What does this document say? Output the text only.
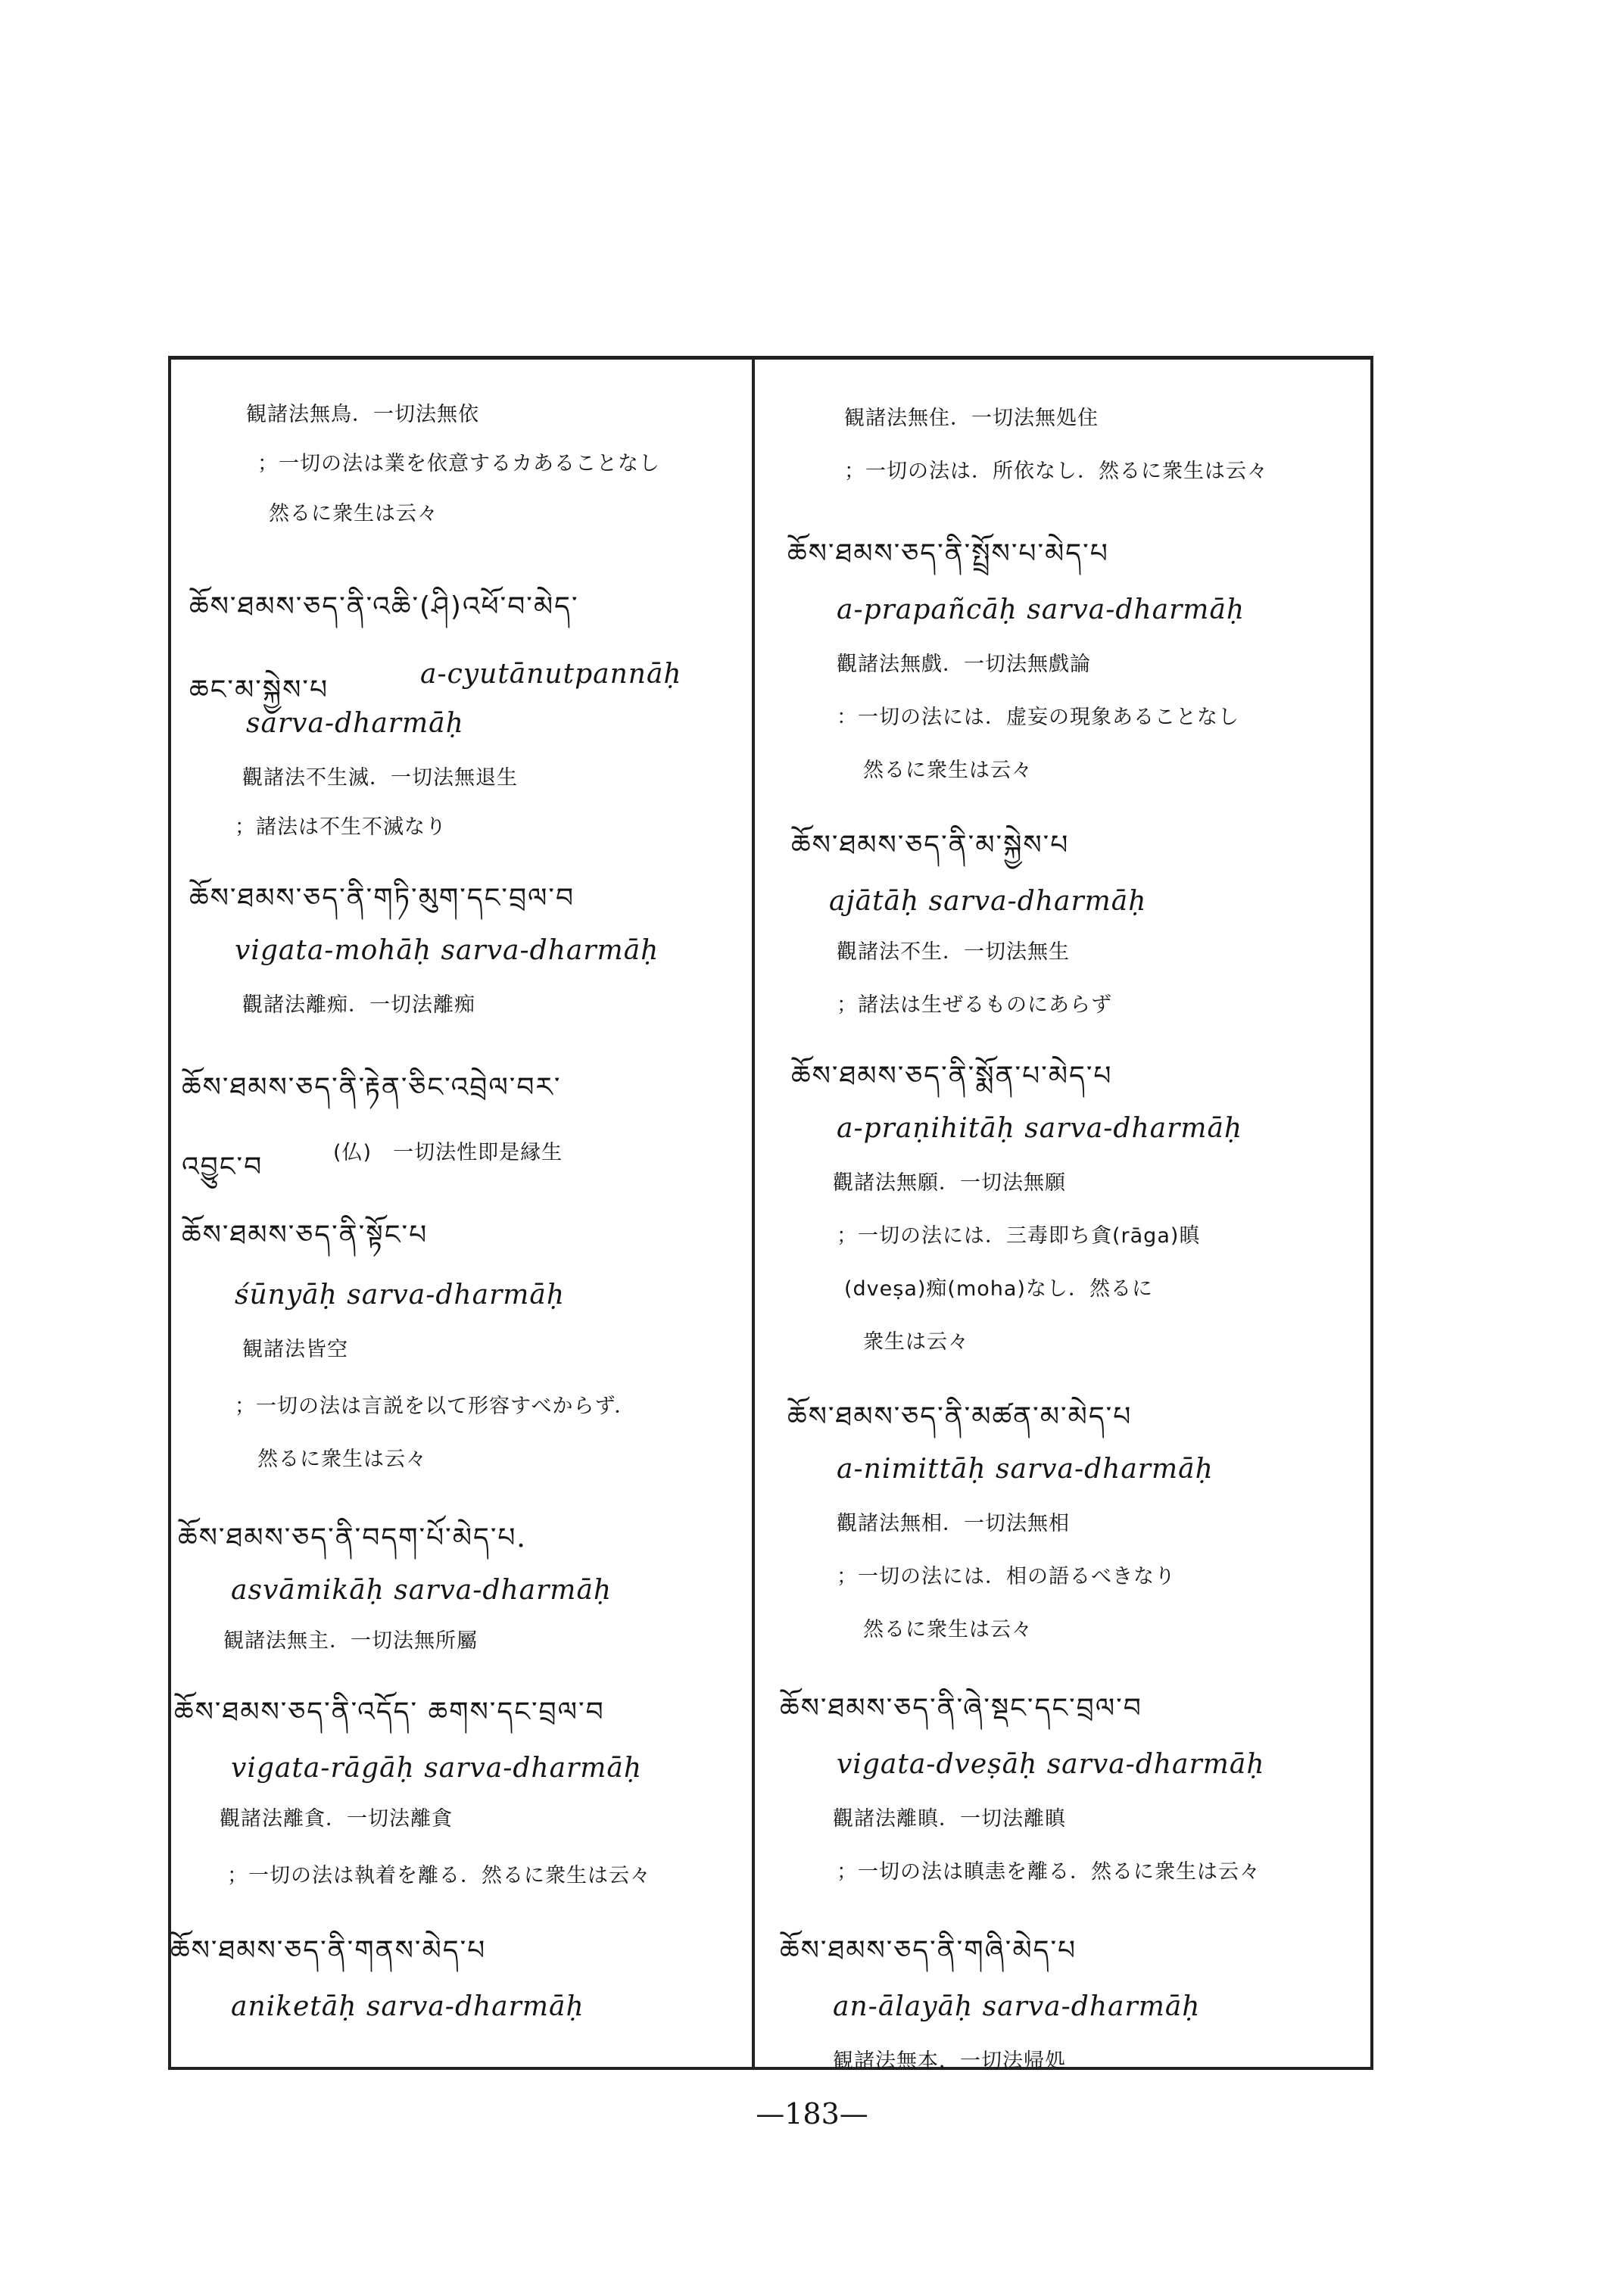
観諸法無鳥．一切法無依
；一切の法は業を依意するカあることなし
然るに衆生は云々
ཆོས་ཐམས་ཅད་ནི་འཆི་(ཤི)འཕོ་བ་མེད་
ཆང་མ་སྐྱེས་པ
a-cyutānutpannāḥ
sarva-dharmāḥ
觀諸法不生滅．一切法無退生
；諸法は不生不滅なり
ཆོས་ཐམས་ཅད་ནི་གཏི་མུག་དང་བྲལ་བ
vigata-mohāḥ sarva-dharmāḥ
觀諸法離痴．一切法離痴
ཆོས་ཐམས་ཅད་ནི་རྟེན་ཅིང་འབྲེལ་བར་
འབྱུང་བ	(仏)　一切法性即是縁生
ཆོས་ཐམས་ཅད་ནི་སྟོང་པ
śūnyāḥ sarva-dharmāḥ
観諸法皆空
；一切の法は言説を以て形容すべからず．
然るに衆生は云々
ཆོས་ཐམས་ཅད་ནི་བདག་པོ་མེད་པ．
asvāmikāḥ sarva-dharmāḥ
観諸法無主．一切法無所屬
ཆོས་ཐམས་ཅད་ནི་འདོད་ ཆགས་དང་བྲལ་བ
vigata-rāgāḥ sarva-dharmāḥ
觀諸法離貪．一切法離貪
；一切の法は執着を離る．然るに衆生は云々
ཆོས་ཐམས་ཅད་ནི་གནས་མེད་པ
aniketāḥ sarva-dharmāḥ
観諸法無住．一切法無処住
；一切の法は．所依なし．然るに衆生は云々
ཆོས་ཐམས་ཅད་ནི་སྤྲོས་པ་མེད་པ
a-prapañcāḥ sarva-dharmāḥ
觀諸法無戲．一切法無戲論
：一切の法には．虚妄の現象あることなし
然るに衆生は云々
ཆོས་ཐམས་ཅད་ནི་མ་སྐྱེས་པ
ajātāḥ sarva-dharmāḥ
觀諸法不生．一切法無生
；諸法は生ぜるものにあらず
ཆོས་ཐམས་ཅད་ནི་སྨོན་པ་མེད་པ
a-praṇihitāḥ sarva-dharmāḥ
觀諸法無願．一切法無願
；一切の法には．三毒即ち貪(rāga)瞋
(dveṣa)痴(moha)なし．然るに
衆生は云々
ཆོས་ཐམས་ཅད་ནི་མཚན་མ་མེད་པ
a-nimittāḥ sarva-dharmāḥ
觀諸法無相．一切法無相
；一切の法には．相の語るべきなり
然るに衆生は云々
ཆོས་ཐམས་ཅད་ནི་ཞེ་སྡང་དང་བྲལ་བ
vigata-dveṣāḥ sarva-dharmāḥ
觀諸法離瞋．一切法離瞋
；一切の法は瞋恚を離る．然るに衆生は云々
ཆོས་ཐམས་ཅད་ནི་གཞི་མེད་པ
an-ālayāḥ sarva-dharmāḥ
観諸法無本．一切法帰処
—183—
